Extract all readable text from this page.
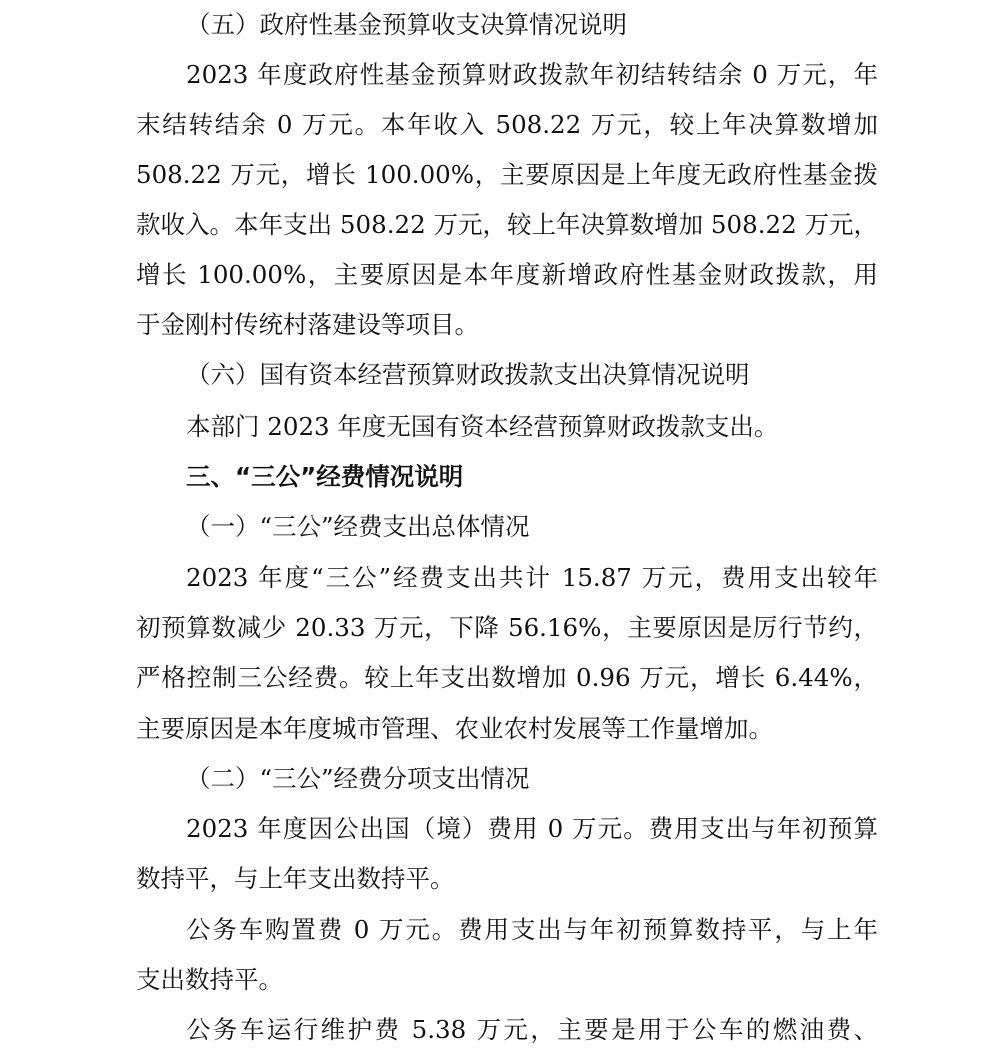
（五）政府性基金预算收支决算情况说明
2023 年度政府性基金预算财政拨款年初结转结余 0 万元，年
末结转结余 0 万元。本年收入 508.22 万元，较上年决算数增加
508.22 万元，增长 100.00%，主要原因是上年度无政府性基金拨
款收入。本年支出 508.22 万元，较上年决算数增加 508.22 万元，
增长 100.00%，主要原因是本年度新增政府性基金财政拨款，用
于金刚村传统村落建设等项目。
（六）国有资本经营预算财政拨款支出决算情况说明
本部门 2023 年度无国有资本经营预算财政拨款支出。
三、“三公”经费情况说明
（一）“三公”经费支出总体情况
2023 年度“三公”经费支出共计 15.87 万元，费用支出较年
初预算数减少 20.33 万元，下降 56.16%，主要原因是厉行节约，
严格控制三公经费。较上年支出数增加 0.96 万元，增长 6.44%，
主要原因是本年度城市管理、农业农村发展等工作量增加。
（二）“三公”经费分项支出情况
2023 年度因公出国（境）费用 0 万元。费用支出与年初预算
数持平，与上年支出数持平。
公务车购置费 0 万元。费用支出与年初预算数持平，与上年
支出数持平。
公务车运行维护费 5.38 万元，主要是用于公车的燃油费、
